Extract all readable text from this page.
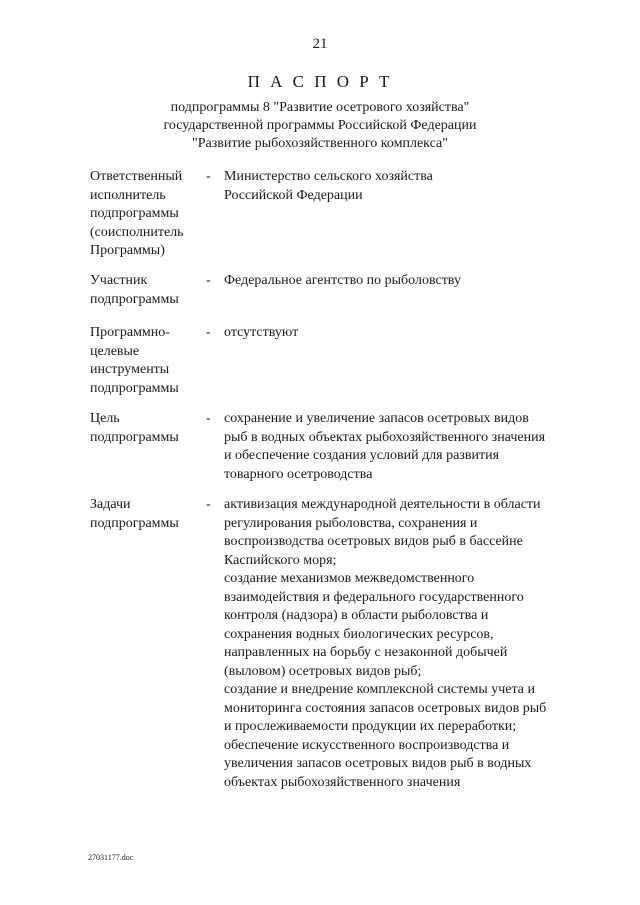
21
П А С П О Р Т
подпрограммы 8 "Развитие осетрового хозяйства"
государственной программы Российской Федерации
"Развитие рыбохозяйственного комплекса"
Ответственный
исполнитель
подпрограммы
(соисполнитель
Программы)
- Министерство сельского хозяйства
Российской Федерации
Участник
подпрограммы
- Федеральное агентство по рыболовству
Программно-
целевые
инструменты
подпрограммы
- отсутствуют
Цель
подпрограммы
- сохранение и увеличение запасов осетровых видов
рыб в водных объектах рыбохозяйственного значения
и обеспечение создания условий для развития
товарного осетроводства
Задачи
подпрограммы
- активизация международной деятельности в области
регулирования рыболовства, сохранения и
воспроизводства осетровых видов рыб в бассейне
Каспийского моря;
создание механизмов межведомственного
взаимодействия и федерального государственного
контроля (надзора) в области рыболовства и
сохранения водных биологических ресурсов,
направленных на борьбу с незаконной добычей
(выловом) осетровых видов рыб;
создание и внедрение комплексной системы учета и
мониторинга состояния запасов осетровых видов рыб
и прослеживаемости продукции их переработки;
обеспечение искусственного воспроизводства и
увеличения запасов осетровых видов рыб в водных
объектах рыбохозяйственного значения
27031177.doc
